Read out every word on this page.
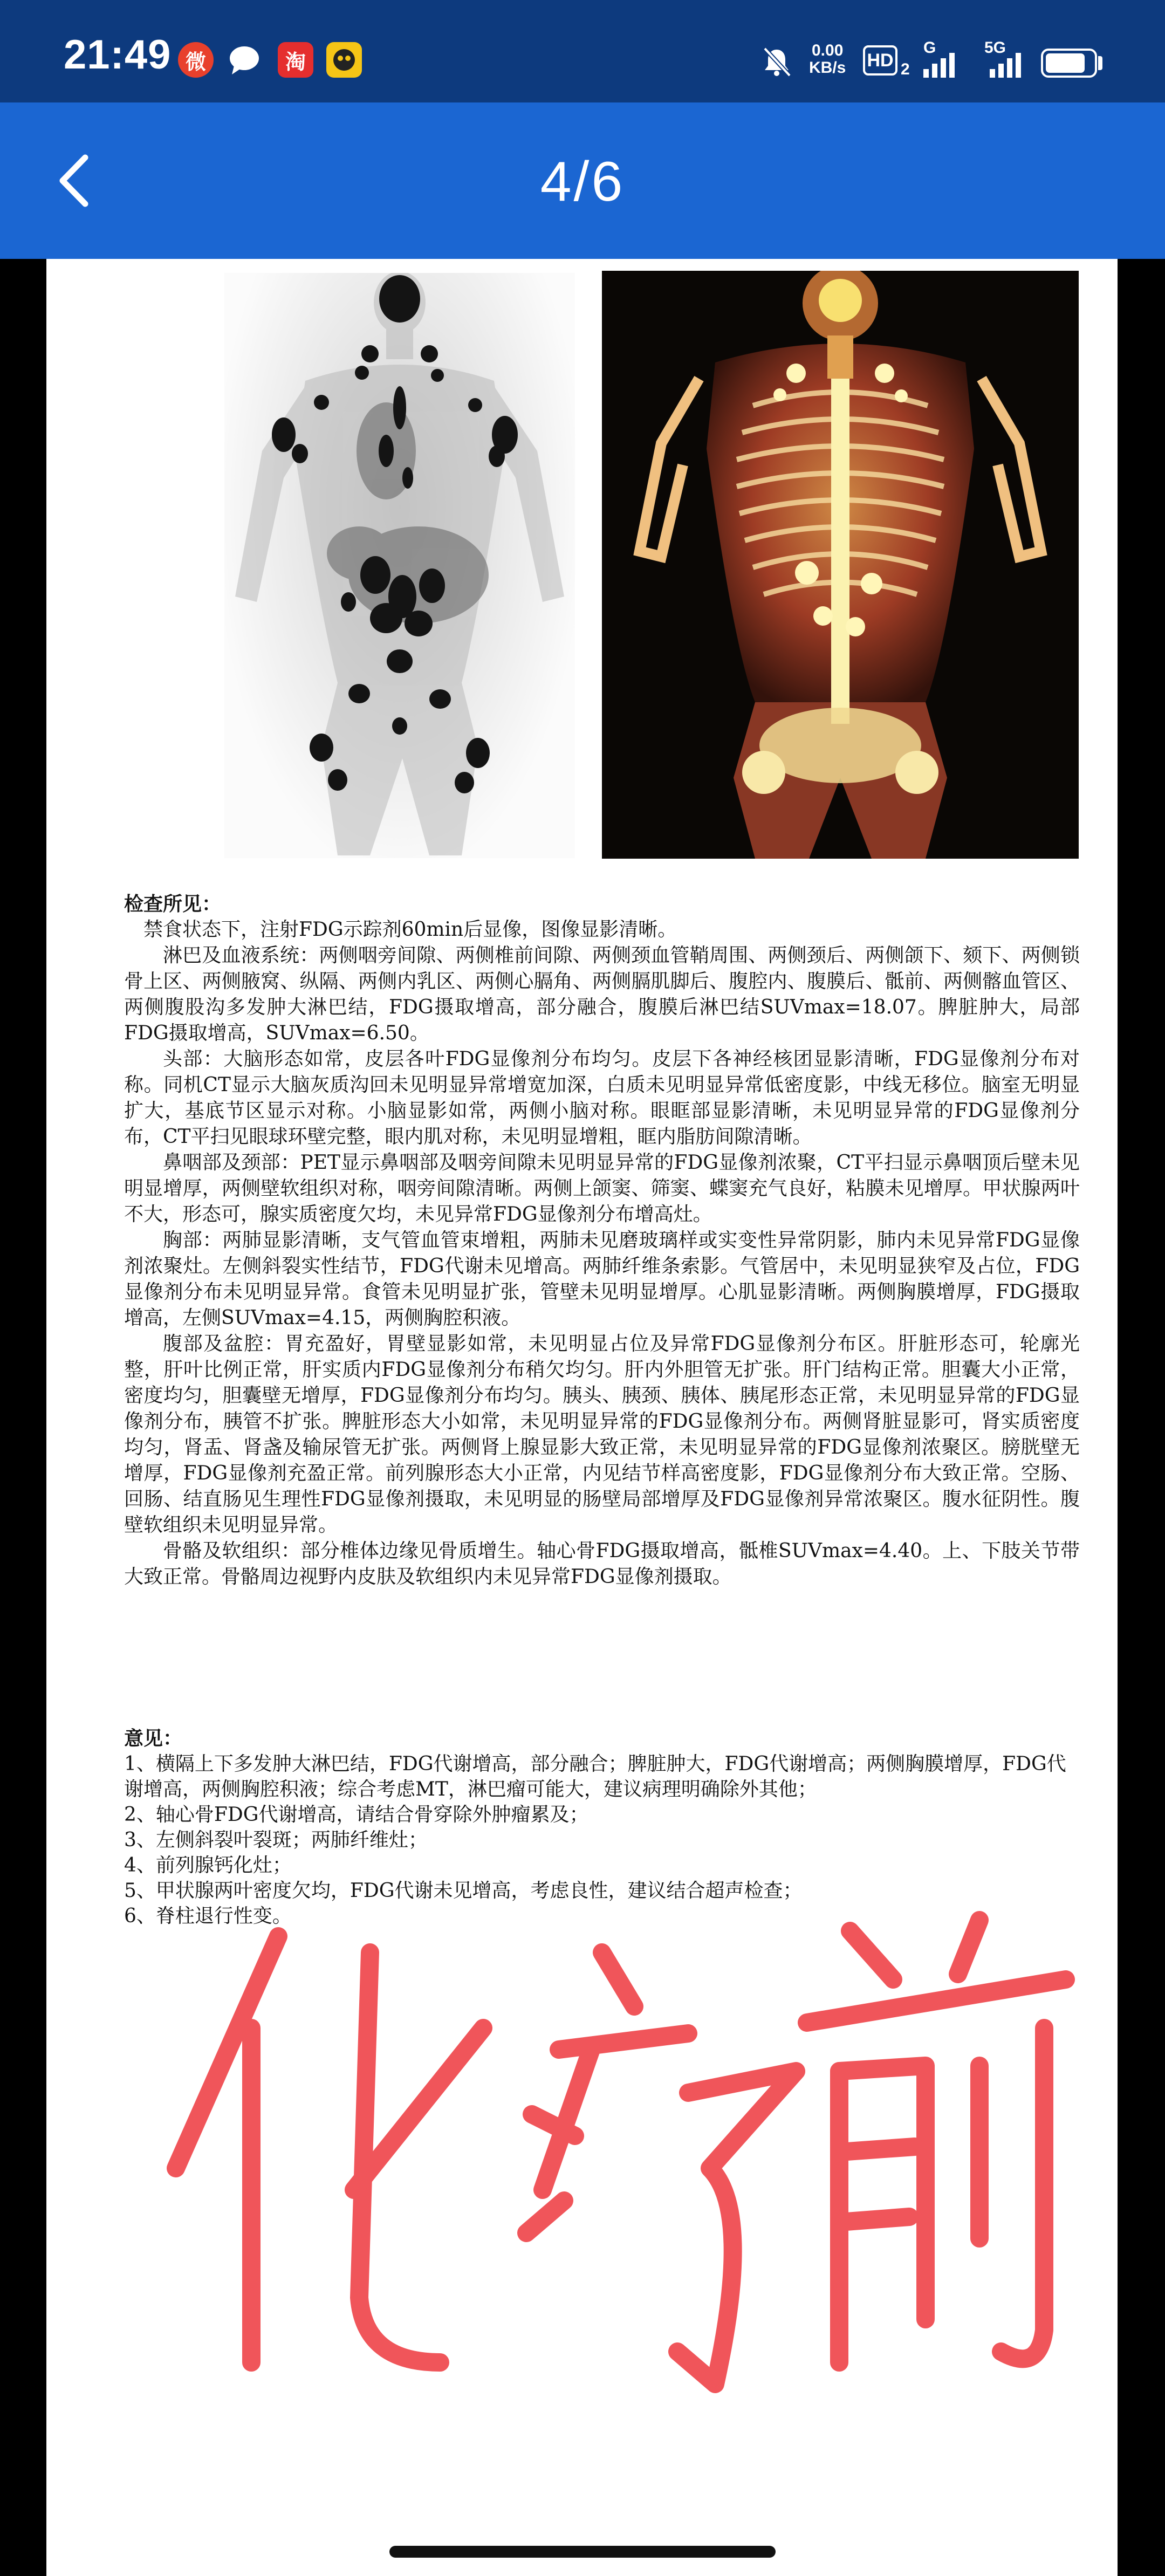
21:49 微	淘	0.00
KB/s HD 2
G	5G
4/6
检查所见：

禁食状态下，注射FDG示踪剂60min后显像，图像显影清晰。

淋巴及血液系统：两侧咽旁间隙、两侧椎前间隙、两侧颈血管鞘周围、两侧颈后、两侧颌下、颏下、两侧锁骨上区、两侧腋窝、纵隔、两侧内乳区、两侧心膈角、两侧膈肌脚后、腹腔内、腹膜后、骶前、两侧髂血管区、两侧腹股沟多发肿大淋巴结，FDG摄取增高，部分融合，腹膜后淋巴结SUVmax=18.07。脾脏肿大，局部FDG摄取增高，SUVmax=6.50。

头部：大脑形态如常，皮层各叶FDG显像剂分布均匀。皮层下各神经核团显影清晰，FDG显像剂分布对称。同机CT显示大脑灰质沟回未见明显异常增宽加深，白质未见明显异常低密度影，中线无移位。脑室无明显扩大，基底节区显示对称。小脑显影如常，两侧小脑对称。眼眶部显影清晰，未见明显异常的FDG显像剂分布，CT平扫见眼球环壁完整，眼内肌对称，未见明显增粗，眶内脂肪间隙清晰。

鼻咽部及颈部：PET显示鼻咽部及咽旁间隙未见明显异常的FDG显像剂浓聚，CT平扫显示鼻咽顶后壁未见明显增厚，两侧壁软组织对称，咽旁间隙清晰。两侧上颌窦、筛窦、蝶窦充气良好，粘膜未见增厚。甲状腺两叶不大，形态可，腺实质密度欠均，未见异常FDG显像剂分布增高灶。

胸部：两肺显影清晰，支气管血管束增粗，两肺未见磨玻璃样或实变性异常阴影，肺内未见异常FDG显像剂浓聚灶。左侧斜裂实性结节，FDG代谢未见增高。两肺纤维条索影。气管居中，未见明显狭窄及占位，FDG显像剂分布未见明显异常。食管未见明显扩张，管壁未见明显增厚。心肌显影清晰。两侧胸膜增厚，FDG摄取增高，左侧SUVmax=4.15，两侧胸腔积液。

腹部及盆腔：胃充盈好，胃壁显影如常，未见明显占位及异常FDG显像剂分布区。肝脏形态可，轮廓光整，肝叶比例正常，肝实质内FDG显像剂分布稍欠均匀。肝内外胆管无扩张。肝门结构正常。胆囊大小正常，密度均匀，胆囊壁无增厚，FDG显像剂分布均匀。胰头、胰颈、胰体、胰尾形态正常，未见明显异常的FDG显像剂分布，胰管不扩张。脾脏形态大小如常，未见明显异常的FDG显像剂分布。两侧肾脏显影可，肾实质密度均匀，肾盂、肾盏及输尿管无扩张。两侧肾上腺显影大致正常，未见明显异常的FDG显像剂浓聚区。膀胱壁无增厚，FDG显像剂充盈正常。前列腺形态大小正常，内见结节样高密度影，FDG显像剂分布大致正常。空肠、回肠、结直肠见生理性FDG显像剂摄取，未见明显的肠壁局部增厚及FDG显像剂异常浓聚区。腹水征阴性。腹壁软组织未见明显异常。

骨骼及软组织：部分椎体边缘见骨质增生。轴心骨FDG摄取增高，骶椎SUVmax=4.40。上、下肢关节带大致正常。骨骼周边视野内皮肤及软组织内未见异常FDG显像剂摄取。

意见：

1、横隔上下多发肿大淋巴结，FDG代谢增高，部分融合；脾脏肿大，FDG代谢增高；两侧胸膜增厚，FDG代谢增高，两侧胸腔积液；综合考虑MT，淋巴瘤可能大，建议病理明确除外其他；

2、轴心骨FDG代谢增高，请结合骨穿除外肿瘤累及；

3、左侧斜裂叶裂斑；两肺纤维灶；

4、前列腺钙化灶；

5、甲状腺两叶密度欠均，FDG代谢未见增高，考虑良性，建议结合超声检查；

6、脊柱退行性变。
